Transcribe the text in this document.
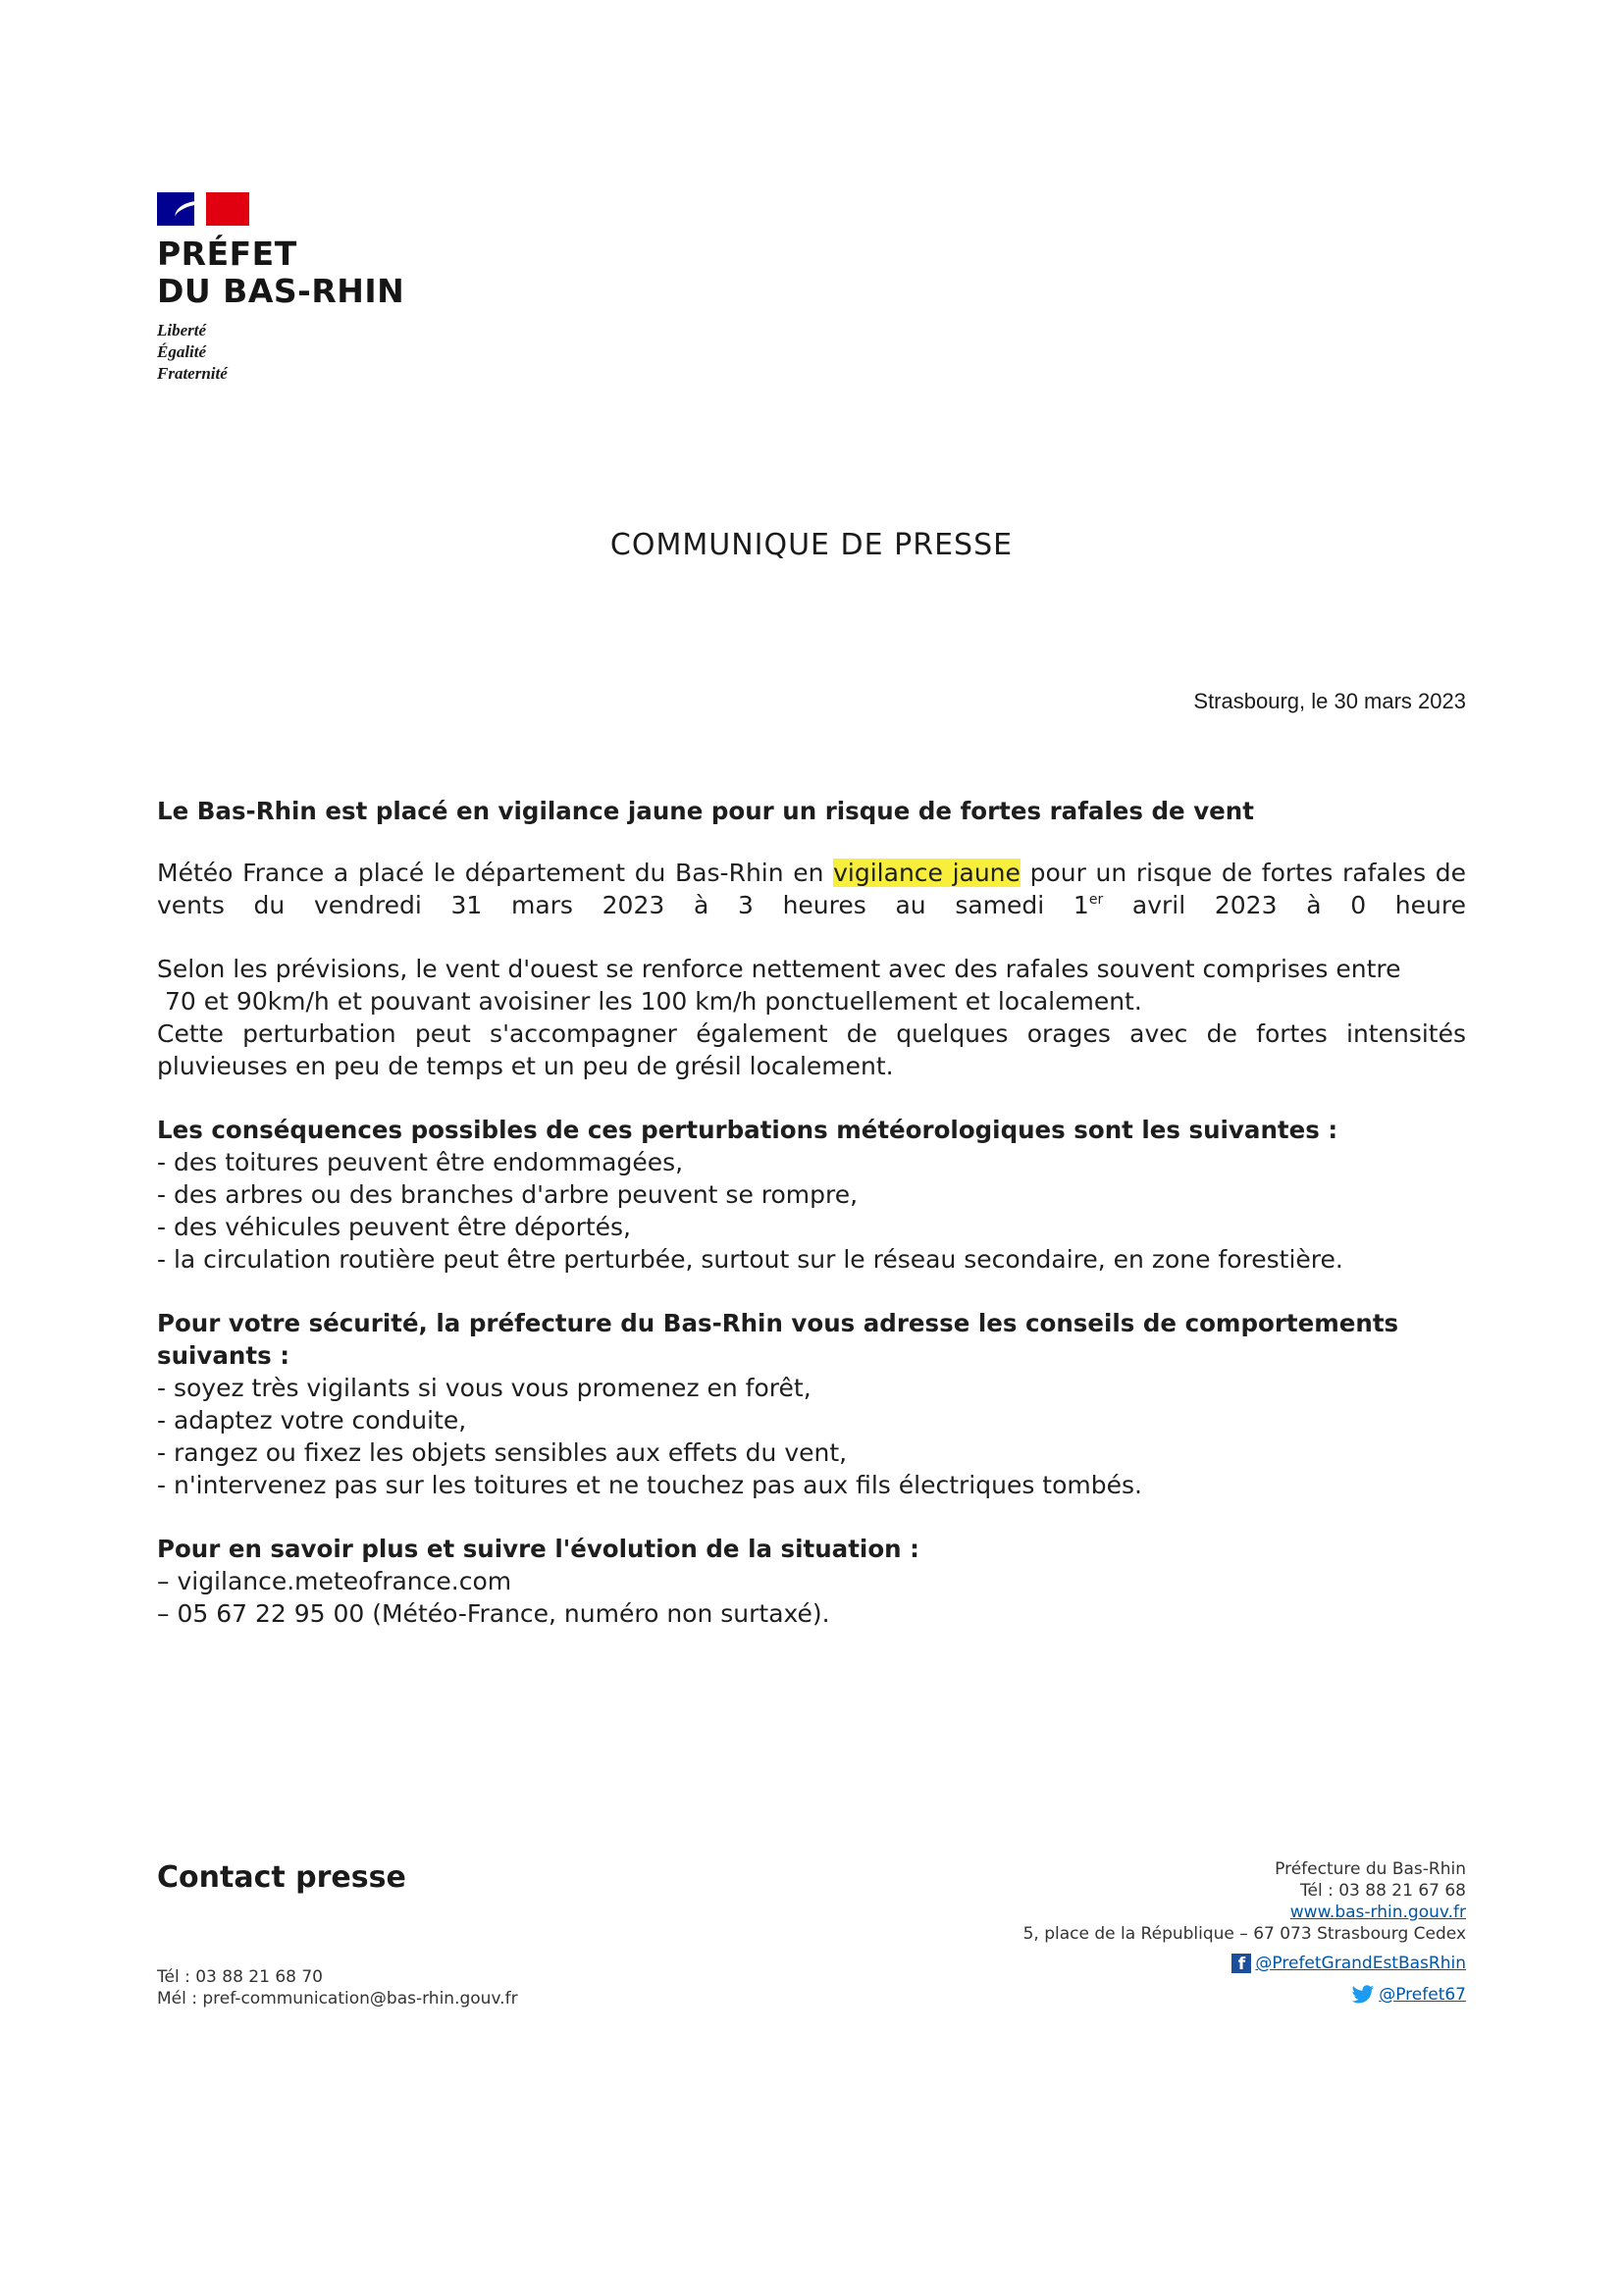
PRÉFET
DU BAS-RHIN
Liberté
Égalité
Fraternité
COMMUNIQUE DE PRESSE
Strasbourg, le 30 mars 2023

Le Bas-Rhin est placé en vigilance jaune pour un risque de fortes rafales de vent

Météo France a placé le département du Bas-Rhin en vigilance jaune pour un risque de fortes rafales de vents du vendredi 31 mars 2023 à 3 heures au samedi 1er avril 2023 à 0 heure

Selon les prévisions, le vent d'ouest se renforce nettement avec des rafales souvent comprises entre

70 et 90km/h et pouvant avoisiner les 100 km/h ponctuellement et localement.

Cette perturbation peut s'accompagner également de quelques orages avec de fortes intensités pluvieuses en peu de temps et un peu de grésil localement.

Les conséquences possibles de ces perturbations météorologiques sont les suivantes :

- des toitures peuvent être endommagées,

- des arbres ou des branches d'arbre peuvent se rompre,

- des véhicules peuvent être déportés,

- la circulation routière peut être perturbée, surtout sur le réseau secondaire, en zone forestière.

Pour votre sécurité, la préfecture du Bas-Rhin vous adresse les conseils de comportements suivants :

- soyez très vigilants si vous vous promenez en forêt,

- adaptez votre conduite,

- rangez ou fixez les objets sensibles aux effets du vent,

- n'intervenez pas sur les toitures et ne touchez pas aux fils électriques tombés.

Pour en savoir plus et suivre l'évolution de la situation :

– vigilance.meteofrance.com

– 05 67 22 95 00 (Météo-France, numéro non surtaxé).

Contact presse
Tél : 03 88 21 68 70
Mél : pref-communication@bas-rhin.gouv.fr
Préfecture du Bas-Rhin
Tél : 03 88 21 67 68
www.bas-rhin.gouv.fr
5, place de la République – 67 073 Strasbourg Cedex
f @PrefetGrandEstBasRhin
@Prefet67
